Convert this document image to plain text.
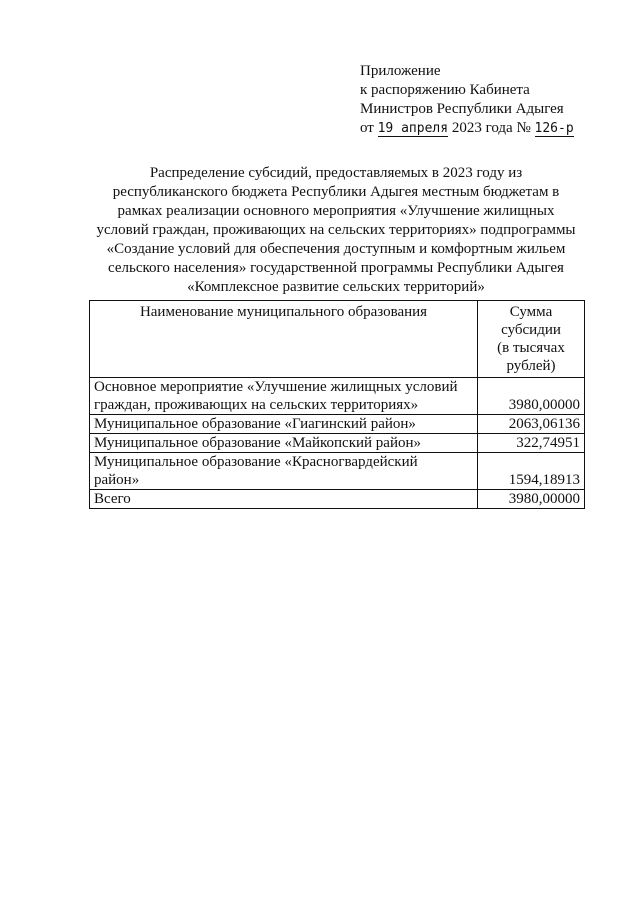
Приложение
к распоряжению Кабинета
Министров Республики Адыгея
от 19 апреля 2023 года № 126-р
Распределение субсидий, предоставляемых в 2023 году из
республиканского бюджета Республики Адыгея местным бюджетам в
рамках реализации основного мероприятия «Улучшение жилищных
условий граждан, проживающих на сельских территориях» подпрограммы
«Создание условий для обеспечения доступным и комфортным жильем
сельского населения» государственной программы Республики Адыгея
«Комплексное развитие сельских территорий»
Наименование муниципального образования	Сумма
субсидии
(в тысячах
рублей)

Основное мероприятие «Улучшение жилищных условий
граждан, проживающих на сельских территориях»	3980,00000
Муниципальное образование «Гиагинский район»	2063,06136
Муниципальное образование «Майкопский район»	322,74951

Муниципальное образование «Красногвардейский
район»	1594,18913
Всего	3980,00000
